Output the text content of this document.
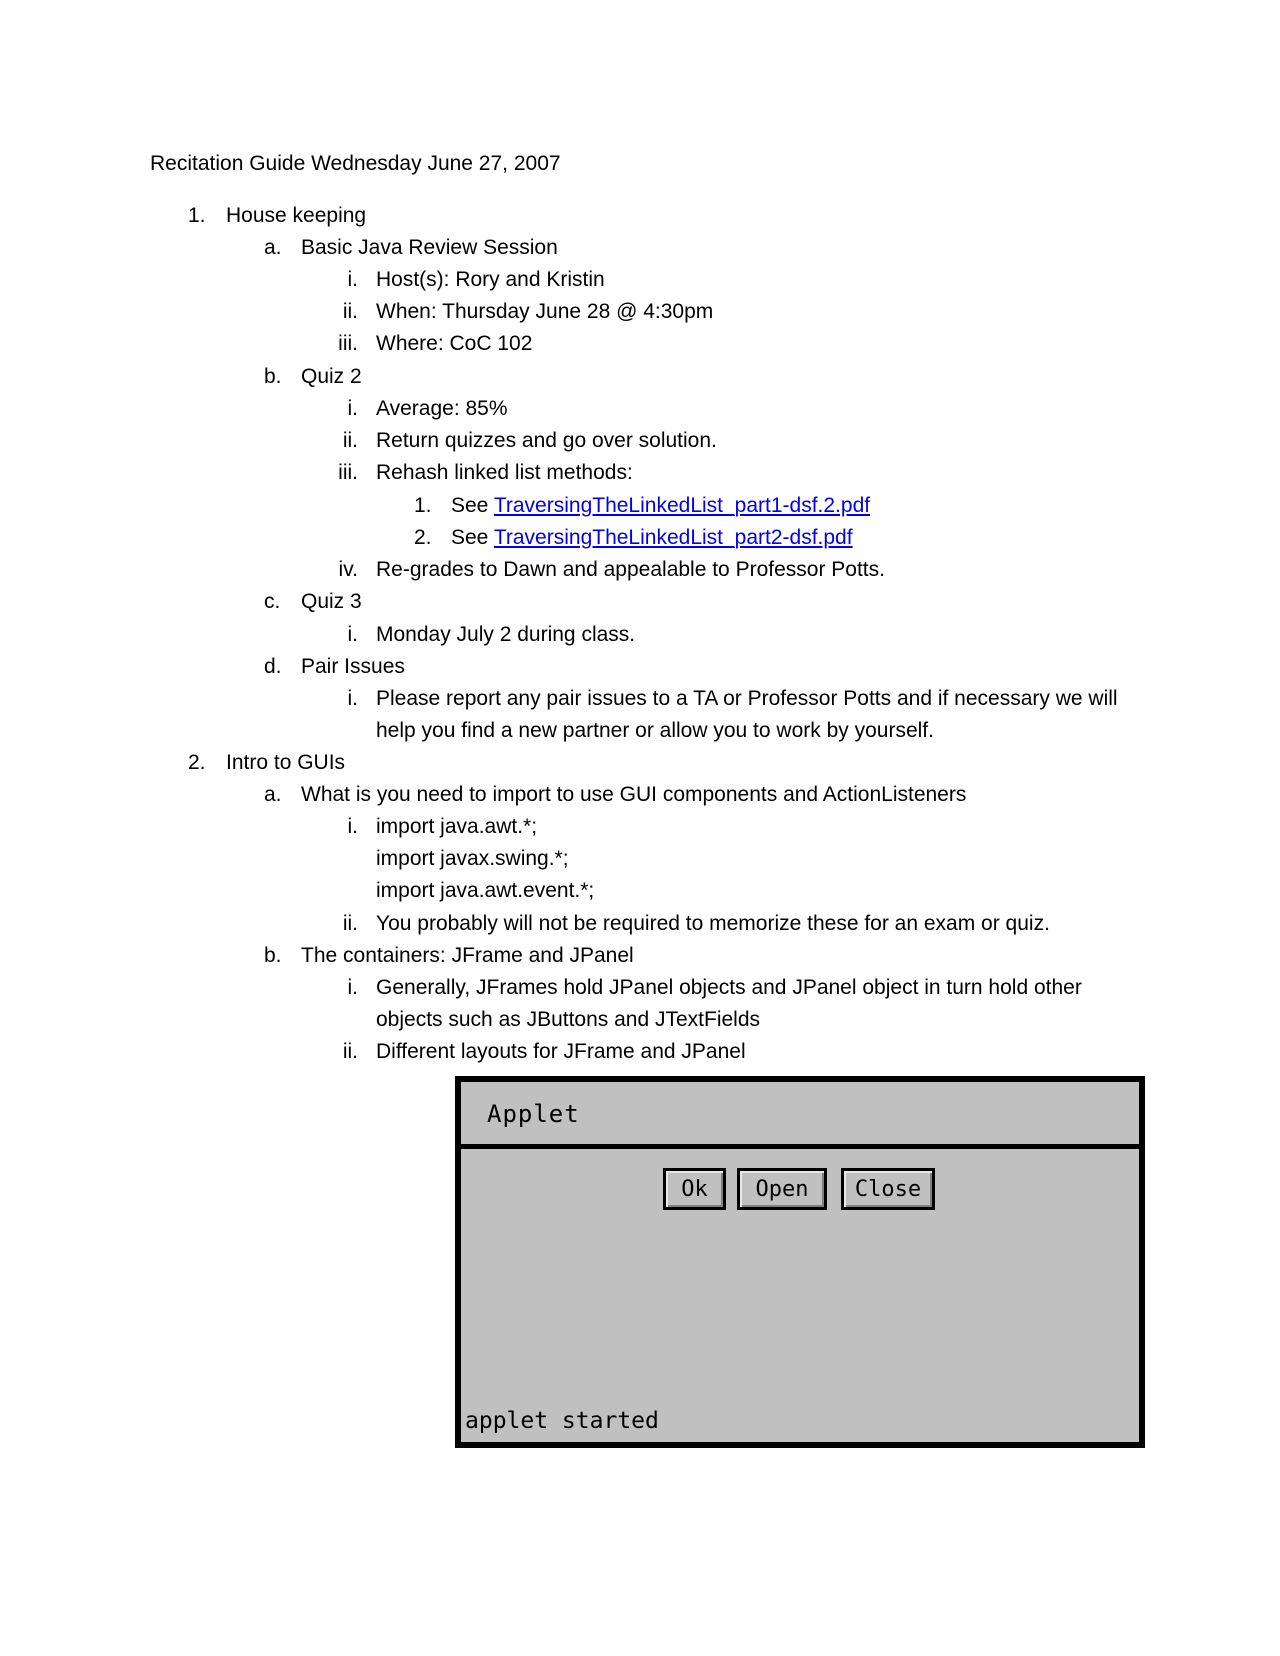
Recitation Guide Wednesday June 27, 2007
1. House keeping
a. Basic Java Review Session
i. Host(s): Rory and Kristin
ii. When: Thursday June 28 @ 4:30pm
iii. Where: CoC 102
b. Quiz 2
i. Average: 85%
ii. Return quizzes and go over solution.
iii. Rehash linked list methods:
1. See TraversingTheLinkedList_part1-dsf.2.pdf
2. See TraversingTheLinkedList_part2-dsf.pdf
iv. Re-grades to Dawn and appealable to Professor Potts.
c. Quiz 3
i. Monday July 2 during class.
d. Pair Issues
i. Please report any pair issues to a TA or Professor Potts and if necessary we will
help you find a new partner or allow you to work by yourself.
2. Intro to GUIs
a. What is you need to import to use GUI components and ActionListeners
i. import java.awt.*;
import javax.swing.*;
import java.awt.event.*;
ii. You probably will not be required to memorize these for an exam or quiz.
b. The containers: JFrame and JPanel
i. Generally, JFrames hold JPanel objects and JPanel object in turn hold other
objects such as JButtons and JTextFields
ii. Different layouts for JFrame and JPanel
Applet
Ok	Open	Close
applet started
